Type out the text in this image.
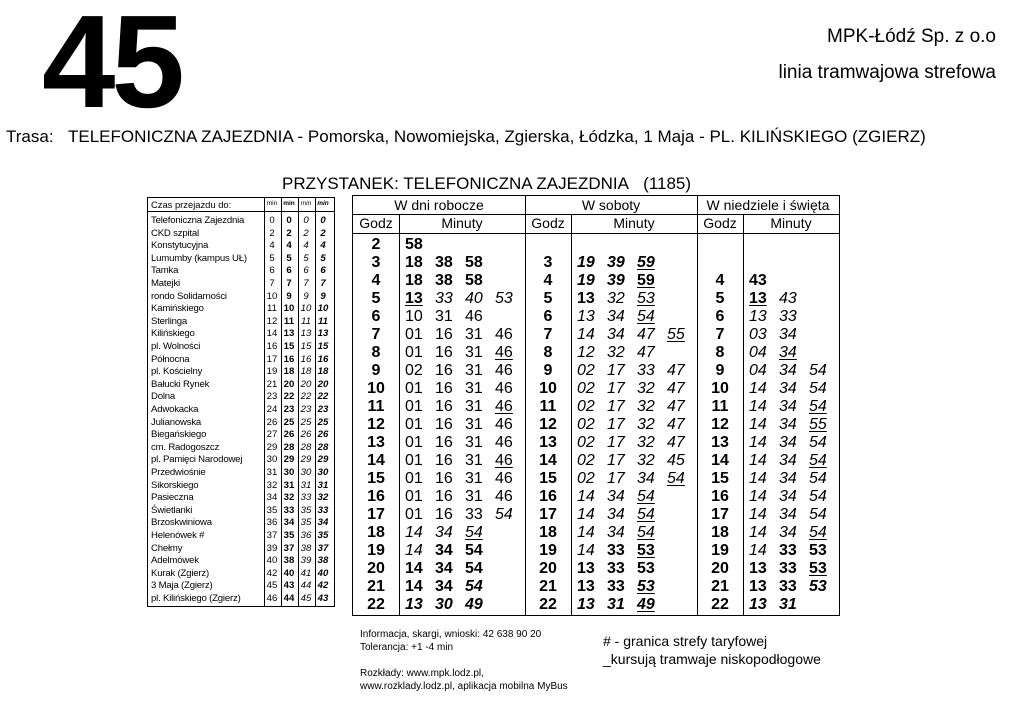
45	MPK-Łódź Sp. z o.o
linia tramwajowa strefowa
Trasa: TELEFONICZNA ZAJEZDNIA - Pomorska, Nowomiejska, Zgierska, Łódzka, 1 Maja - PL. KILIŃSKIEGO (ZGIERZ)
PRZYSTANEK: TELEFONICZNA ZAJEZDNIA (1185)
Czas przejazdu do:	min min min min
Telefoniczna Zajezdnia	0	0	0	0
CKD szpital	2	2	2	2
Konstytucyjna	4	4	4	4
Lumumby (kampus UŁ)	5	5	5	5
Tamka	6	6	6	6
Matejki	7	7	7	7
rondo Solidarności	10 9	9	9
Kamińskiego	11 10 10 10
Sterlinga	12 11 11 11
Kilińskiego	14 13 13 13
pl. Wolności	16 15 15 15
Północna	17 16 16 16
pl. Kościelny	19 18 18 18
Bałucki Rynek	21 20 20 20
Dolna	23 22 22 22
Adwokacka	24 23 23 23
Julianowska	26 25 25 25
Biegańskiego	27 26 26 26
cm. Radogoszcz	29 28 28 28
pl. Pamięci Narodowej	30 29 29 29
Przedwiośnie	31 30 30 30
Sikorskiego	32 31 31 31
Pasieczna	34 32 33 32
Świetlanki	35 33 35 33
Brzoskwiniowa	36 34 35 34
Helenówek #	37 35 36 35
Chełmy	39 37 38 37
Adelmówek	40 38 39 38
Kurak (Zgierz)	42 40 41 40
3 Maja (Zgierz)	45 43 44 42
pl. Kilińskiego (Zgierz)	46 44 45 43
W dni robocze	W soboty	W niedziele i święta
Godz	Minuty	Godz	Minuty	Godz	Minuty
2	58
3	18 38 58	3	19 39 59
4	18 38 58	4	19 39 59	4	43
5	13 33 40 53	5	13 32 53	5	13 43
6	10 31 46	6	13 34 54	6	13 33
7	01 16 31 46	7	14 34 47 55	7	03 34
8	01 16 31 46	8	12 32 47	8	04 34
9	02 16 31 46	9	02 17 33 47	9	04 34 54
10	01 16 31 46	10	02 17 32 47	10	14 34 54
11	01 16 31 46	11	02 17 32 47	11	14 34 54
12	01 16 31 46	12	02 17 32 47	12	14 34 55
13	01 16 31 46	13	02 17 32 47	13	14 34 54
14	01 16 31 46	14	02 17 32 45	14	14 34 54
15	01 16 31 46	15	02 17 34 54	15	14 34 54
16	01 16 31 46	16	14 34 54	16	14 34 54
17	01 16 33 54	17	14 34 54	17	14 34 54
18	14 34 54	18	14 34 54	18	14 34 54
19	14 34 54	19	14 33 53	19	14 33 53
20	14 34 54	20	13 33 53	20	13 33 53
21	14 34 54	21	13 33 53	21	13 33 53
22	13 30 49	22	13 31 49	22	13 31
Informacja, skargi, wnioski: 42 638 90 20
Tolerancja: +1 -4 min
Rozkłady: www.mpk.lodz.pl, www.rozklady.lodz.pl, aplikacja mobilna MyBus
# - granica strefy taryfowej
_kursują tramwaje niskopodłogowe
